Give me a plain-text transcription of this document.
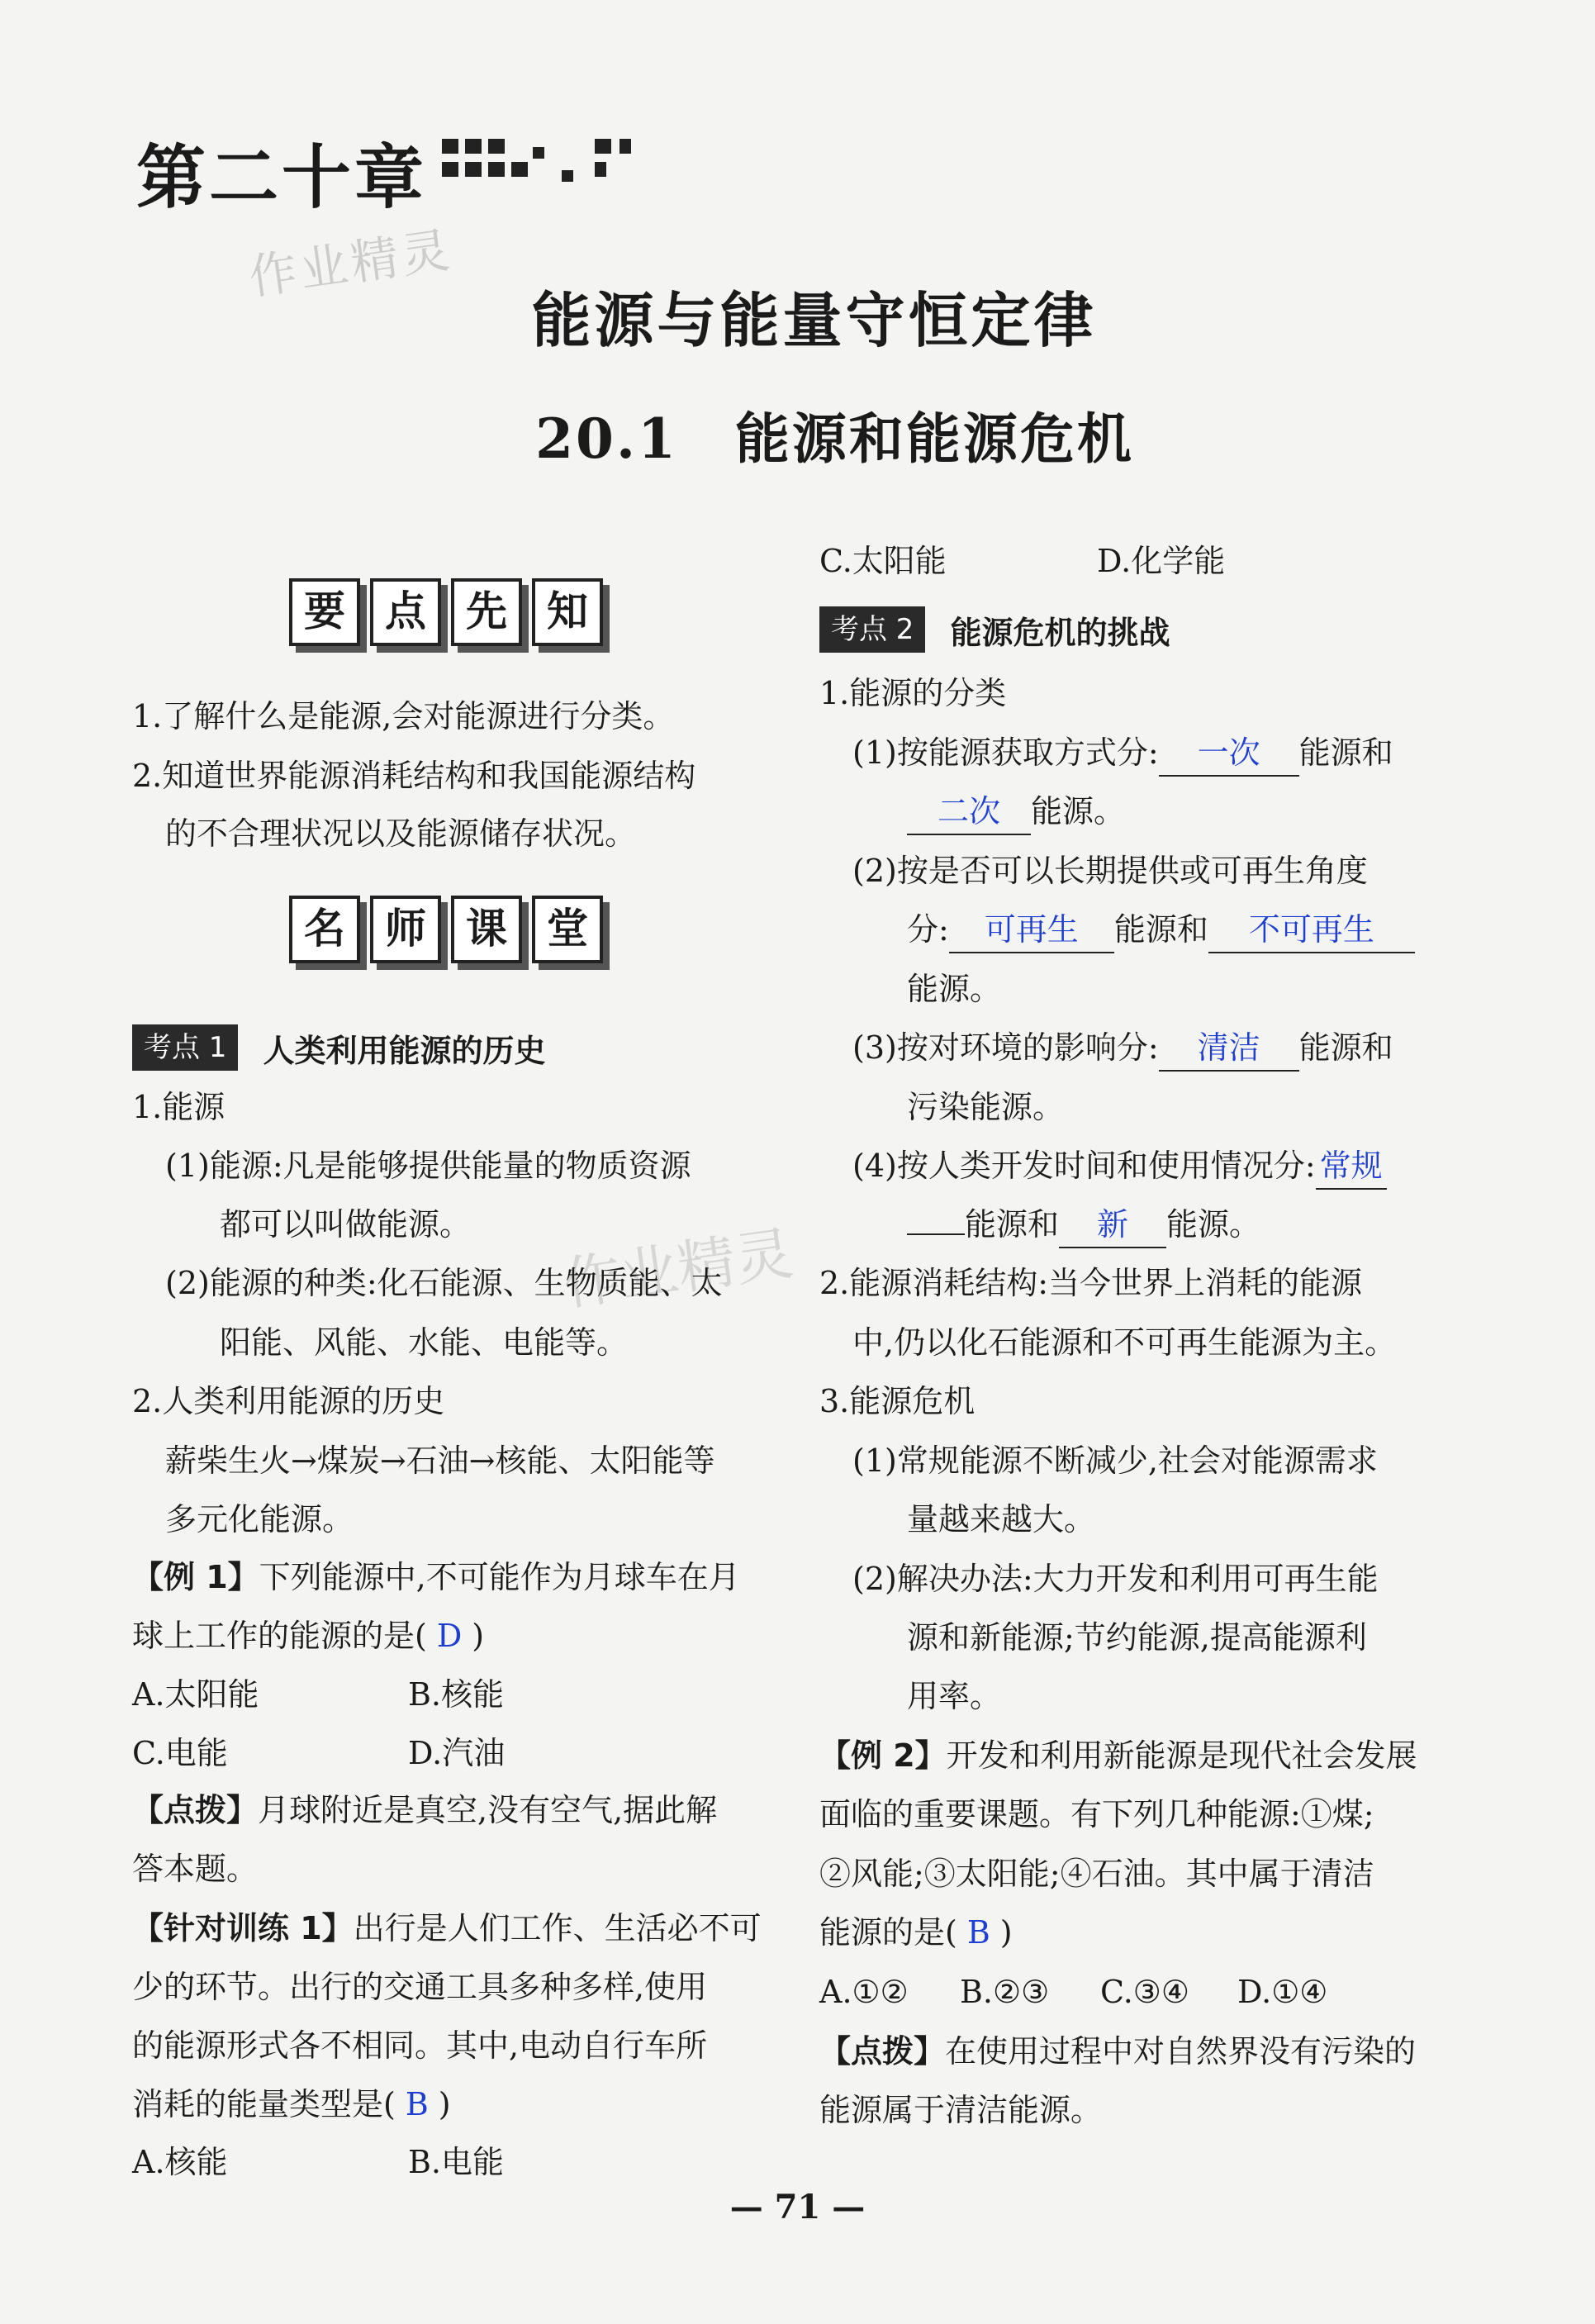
第二十章
作业精灵
作业精灵
能源与能量守恒定律
20.1　能源和能源危机
要 点 先 知
1.了解什么是能源,会对能源进行分类。
2.知道世界能源消耗结构和我国能源结构
的不合理状况以及能源储存状况。
名 师 课 堂
考点 1	人类利用能源的历史
1.能源
(1)能源:凡是能够提供能量的物质资源
都可以叫做能源。
(2)能源的种类:化石能源、生物质能、太
阳能、风能、水能、电能等。
2.人类利用能源的历史
薪柴生火→煤炭→石油→核能、太阳能等
多元化能源。
【例 1】下列能源中,不可能作为月球车在月
球上工作的能源的是( D )
A.太阳能	B.核能
C.电能	D.汽油
【点拨】月球附近是真空,没有空气,据此解
答本题。
【针对训练 1】出行是人们工作、生活必不可
少的环节。出行的交通工具多种多样,使用
的能源形式各不相同。其中,电动自行车所
消耗的能量类型是( B )
A.核能	B.电能
C.太阳能	D.化学能
考点 2	能源危机的挑战
1.能源的分类
(1)按能源获取方式分: 一次 能源和
二次 能源。
(2)按是否可以长期提供或可再生角度
分: 可再生 能源和 不可再生
能源。
(3)按对环境的影响分: 清洁 能源和
污染能源。
(4)按人类开发时间和使用情况分: 常规
能源和 新 能源。
2.能源消耗结构:当今世界上消耗的能源
中,仍以化石能源和不可再生能源为主。
3.能源危机
(1)常规能源不断减少,社会对能源需求
量越来越大。
(2)解决办法:大力开发和利用可再生能
源和新能源;节约能源,提高能源利
用率。
【例 2】开发和利用新能源是现代社会发展
面临的重要课题。有下列几种能源:①煤;
②风能;③太阳能;④石油。其中属于清洁
能源的是( B )
A.①② B.②③ C.③④ D.①④
【点拨】在使用过程中对自然界没有污染的
能源属于清洁能源。
— 71 —
